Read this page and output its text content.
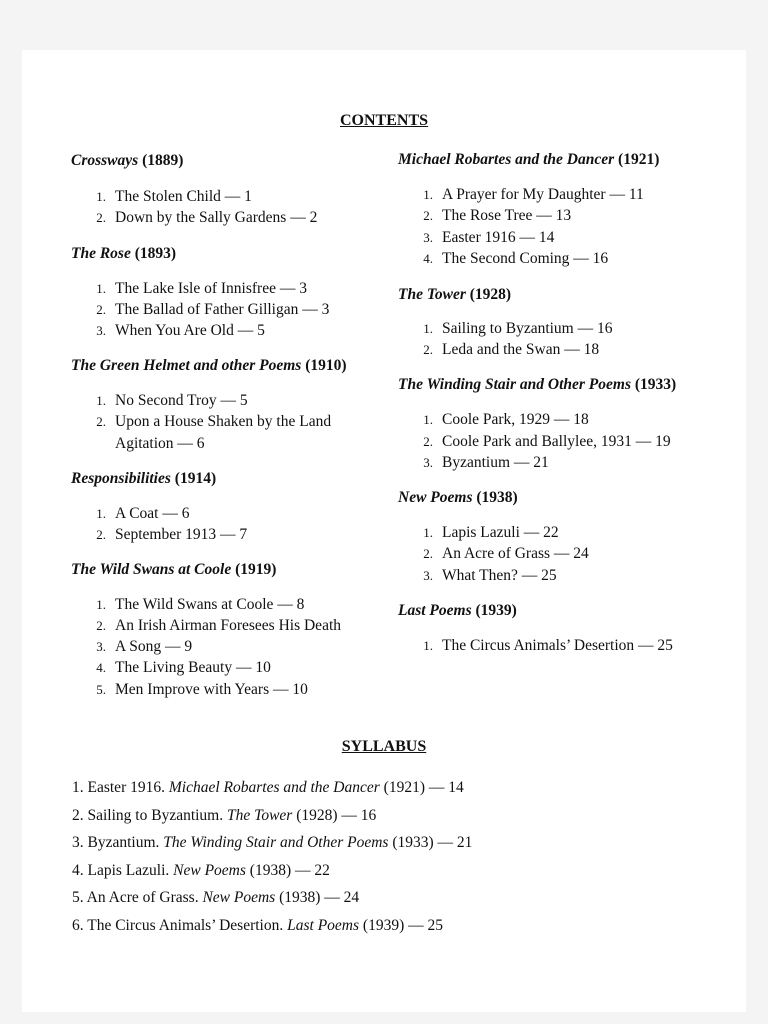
CONTENTS
Crossways (1889)
1. The Stolen Child — 1
2. Down by the Sally Gardens — 2
The Rose (1893)
1. The Lake Isle of Innisfree — 3
2. The Ballad of Father Gilligan — 3
3. When You Are Old — 5
The Green Helmet and other Poems (1910)
1. No Second Troy — 5
2. Upon a House Shaken by the Land
Agitation — 6
Responsibilities (1914)
1. A Coat — 6
2. September 1913 — 7
The Wild Swans at Coole (1919)
1. The Wild Swans at Coole — 8
2. An Irish Airman Foresees His Death
3. A Song — 9
4. The Living Beauty — 10
5. Men Improve with Years — 10
Michael Robartes and the Dancer (1921)
1. A Prayer for My Daughter — 11
2. The Rose Tree — 13
3. Easter 1916 — 14
4. The Second Coming — 16
The Tower (1928)
1. Sailing to Byzantium — 16
2. Leda and the Swan — 18
The Winding Stair and Other Poems (1933)
1. Coole Park, 1929 — 18
2. Coole Park and Ballylee, 1931 — 19
3. Byzantium — 21
New Poems (1938)
1. Lapis Lazuli — 22
2. An Acre of Grass — 24
3. What Then? — 25
Last Poems (1939)
1. The Circus Animals’ Desertion — 25
SYLLABUS
1. Easter 1916. Michael Robartes and the Dancer (1921) — 14
2. Sailing to Byzantium. The Tower (1928) — 16
3. Byzantium. The Winding Stair and Other Poems (1933) — 21
4. Lapis Lazuli. New Poems (1938) — 22
5. An Acre of Grass. New Poems (1938) — 24
6. The Circus Animals’ Desertion. Last Poems (1939) — 25
